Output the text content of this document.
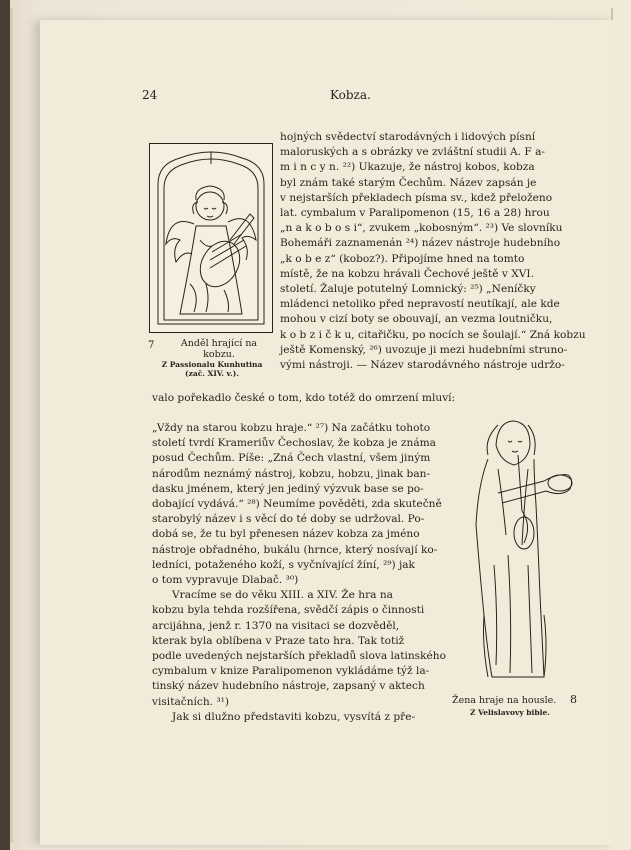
24	Kobza.
7	Anděl hrající na
kobzu.
Z Passionalu Kunhutina
(zač. XIV. v.).
hojných svědectví starodávných i lidových písní
maloruských a s obrázky ve zvláštní studii A. F a-
m i n c y n. ²²) Ukazuje, že nástroj kobos, kobza
byl znám také starým Čechům. Název zapsán je
v nejstarších překladech písma sv., kdež přeloženo
lat. cymbalum v Paralipomenon (15, 16 a 28) hrou
„n a k o b o s i“, zvukem „kobosným“. ²³) Ve slovníku
Bohemáři zaznamenán ²⁴) název nástroje hudebního
„k o b e z“ (koboz?). Připojíme hned na tomto
místě, že na kobzu hrávali Čechové ještě v XVI.
století. Žaluje potutelný Lomnický: ²⁵) „Neníčky
mládenci netoliko před nepravostí neutíkají, ale kde
mohou v cizí boty se obouvají, an vezma loutničku,
k o b z i č k u, citařičku, po nocích se šoulají.“ Zná kobzu
ještě Komenský, ²⁶) uvozuje ji mezi hudebními struno-
vými nástroji. — Název starodávného nástroje udržo-
valo pořekadlo české o tom, kdo totéž do omrzení mluví:
„Vždy na starou kobzu hraje.“ ²⁷) Na začátku tohoto
století tvrdí Krameriův Čechoslav, že kobza je známa
posud Čechům. Píše: „Zná Čech vlastní, všem jiným
národům neznámý nástroj, kobzu, hobzu, jinak ban-
dasku jménem, který jen jediný výzvuk base se po-
dobající vydává.“ ²⁸) Neumíme pověděti, zda skutečně
starobylý název i s věcí do té doby se udržoval. Po-
dobá se, že tu byl přenesen název kobza za jméno
nástroje obřadného, bukálu (hrnce, který nosívají ko-
ledníci, potaženého koží, s vyčnívající žíní, ²⁹) jak
o tom vypravuje Dlabač. ³⁰)
Vracíme se do věku XIII. a XIV. Že hra na
kobzu byla tehda rozšířena, svědčí zápis o činnosti
arcijáhna, jenž r. 1370 na visitaci se dozvěděl,
kterak byla oblíbena v Praze tato hra. Tak totiž
podle uvedených nejstarších překladů slova latinského
cymbalum v knize Paralipomenon vykládáme týž la-
tinský název hudebního nástroje, zapsaný v aktech
visitačních. ³¹)
Jak si dlužno představiti kobzu, vysvítá z pře-
Žena hraje na housle.
Z Velislavovy bible.
8
